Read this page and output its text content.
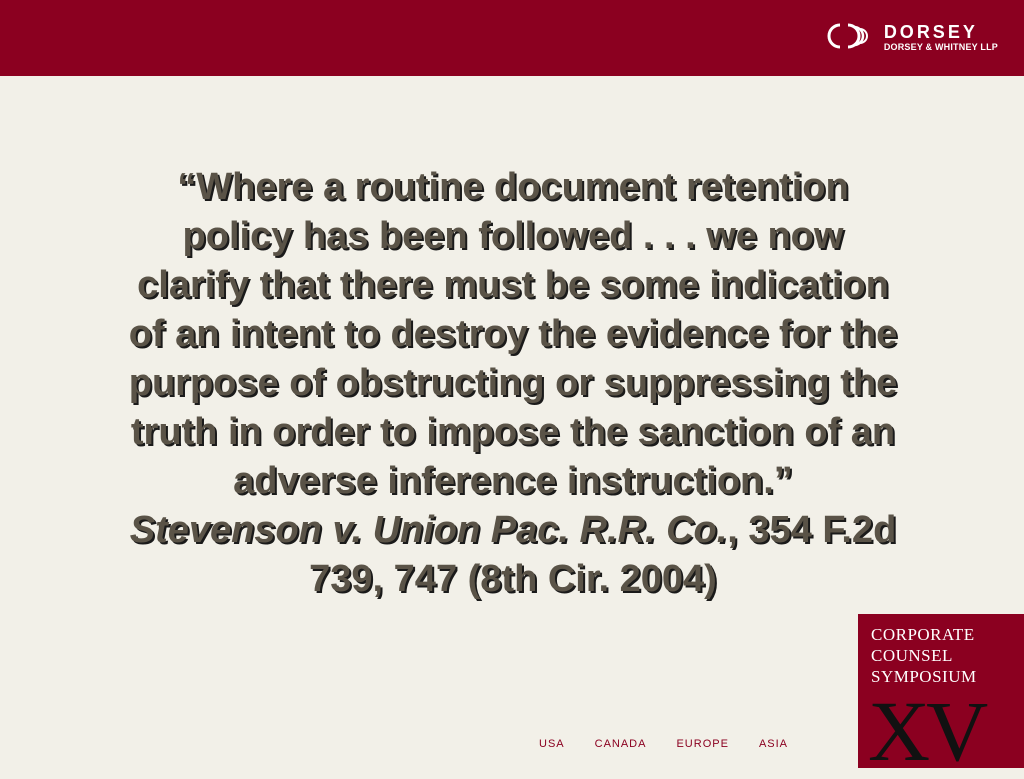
DORSEY
DORSEY & WHITNEY LLP

“Where a routine document retention

policy has been followed . . . we now

clarify that there must be some indication

of an intent to destroy the evidence for the

purpose of obstructing or suppressing the

truth in order to impose the sanction of an

adverse inference instruction.”

Stevenson v. Union Pac. R.R. Co., 354 F.2d

739, 747 (8th Cir. 2004)

USA	CANADA	EUROPE	ASIA
CORPORATE
COUNSEL
SYMPOSIUM
XV
